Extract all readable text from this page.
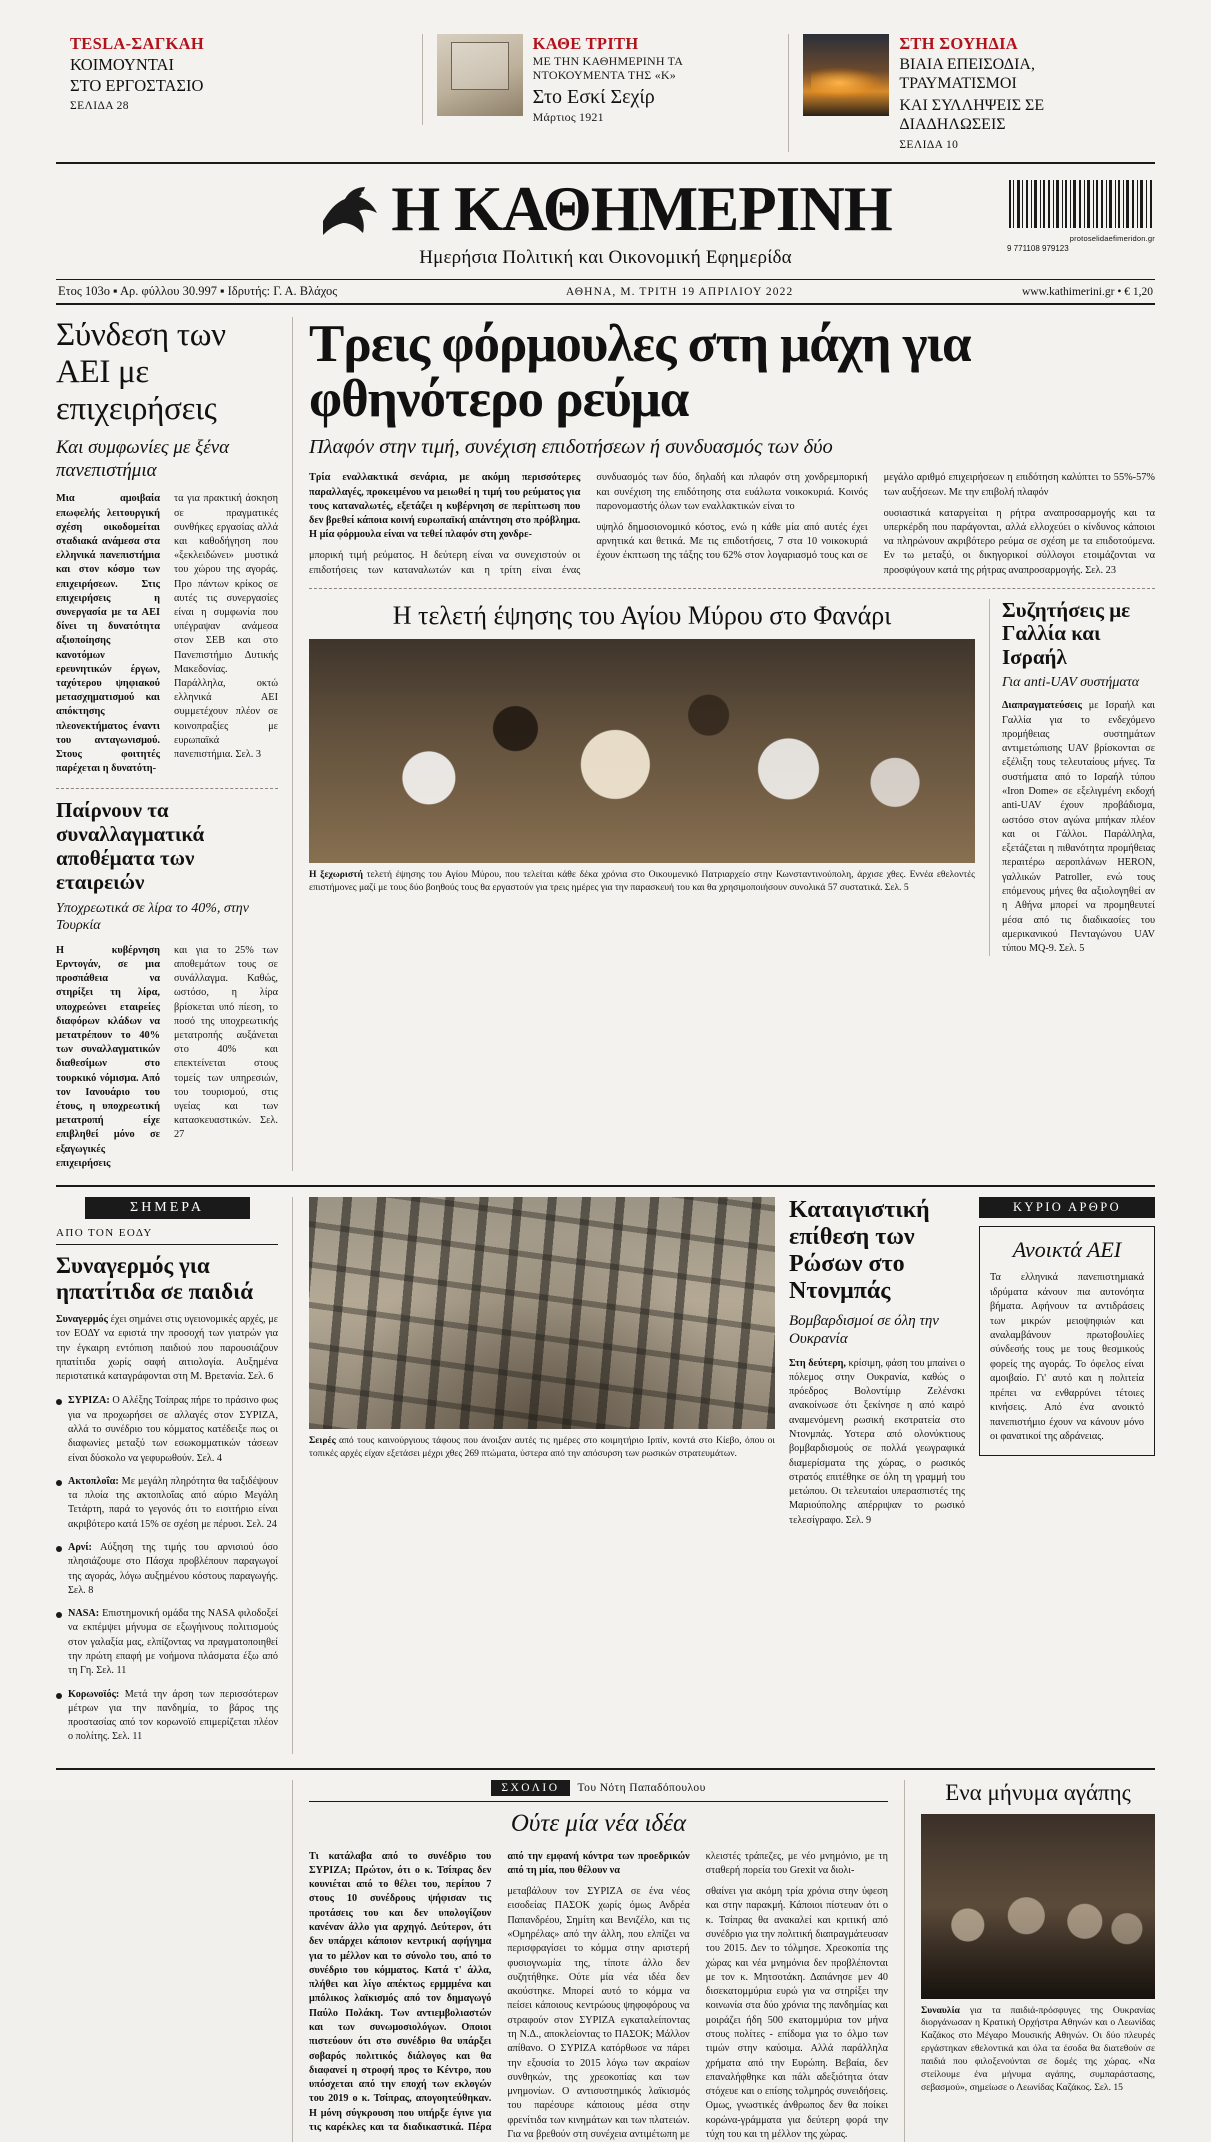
TESLA-ΣΑΓΚΑΗ
ΚΟΙΜΟΥΝΤΑΙ
ΣΤΟ ΕΡΓΟΣΤΑΣΙΟ
ΣΕΛΙΔΑ 28
ΚΑΘΕ ΤΡΙΤΗ
ΜΕ ΤΗΝ ΚΑΘΗΜΕΡΙΝΗ ΤΑ ΝΤΟΚΟΥΜΕΝΤΑ ΤΗΣ «Κ»
Στο Εσκί Σεχίρ
Μάρτιος 1921
ΣΤΗ ΣΟΥΗΔΙΑ
ΒΙΑΙΑ ΕΠΕΙΣΟΔΙΑ, ΤΡΑΥΜΑΤΙΣΜΟΙ
ΚΑΙ ΣΥΛΛΗΨΕΙΣ ΣΕ ΔΙΑΔΗΛΩΣΕΙΣ
ΣΕΛΙΔΑ 10
Η ΚΑΘΗΜΕΡΙΝΗ	protoselidaefimeridon.gr
9 771108 979123
Ημερήσια Πολιτική και Οικονομική Εφημερίδα
Ετος 103ο ▪ Αρ. φύλλου 30.997 ▪ Ιδρυτής: Γ. Α. Βλάχος	ΑΘΗΝΑ, Μ. ΤΡΙΤΗ 19 ΑΠΡΙΛΙΟΥ 2022	www.kathimerini.gr • € 1,20
Σύνδεση των ΑΕΙ με επιχειρήσεις
Και συμφωνίες με ξένα πανεπιστήμια

Μια αμοιβαία επωφελής λειτουργική σχέση οικοδομείται σταδιακά ανάμεσα στα ελληνικά πανεπιστήμια και στον κόσμο των επιχειρήσεων. Στις επιχειρήσεις η συνεργασία με τα ΑΕΙ δίνει τη δυνατότητα αξιοποίησης κανοτόμων ερευνητικών έργων, ταχύτερου ψηφιακού μετασχηματισμού και απόκτησης πλεονεκτήματος έναντι του ανταγωνισμού. Στους φοιτητές παρέχεται η δυνατότη-

τα για πρακτική άσκηση σε πραγματικές συνθήκες εργασίας αλλά και καθοδήγηση που «ξεκλειδώνει» μυστικά του χώρου της αγοράς. Προ πάντων κρίκος σε αυτές τις συνεργασίες είναι η συμφωνία που υπέγραψαν ανάμεσα στον ΣΕΒ και στο Πανεπιστήμιο Δυτικής Μακεδονίας. Παράλληλα, οκτώ ελληνικά ΑΕΙ συμμετέχουν πλέον σε κοινοπραξίες με ευρωπαϊκά πανεπιστήμια. Σελ. 3

Παίρνουν τα συναλλαγματικά αποθέματα των εταιρειών
Υποχρεωτικά σε λίρα το 40%, στην Τουρκία

Η κυβέρνηση Ερντογάν, σε μια προσπάθεια να στηρίξει τη λίρα, υποχρεώνει εταιρείες διαφόρων κλάδων να μετατρέπουν το 40% των συναλλαγματικών διαθεσίμων στο τουρκικό νόμισμα. Από τον Ιανουάριο του έτους, η υποχρεωτική μετατροπή είχε επιβληθεί μόνο σε εξαγωγικές επιχειρήσεις

και για το 25% των αποθεμάτων τους σε συνάλλαγμα. Καθώς, ωστόσο, η λίρα βρίσκεται υπό πίεση, το ποσό της υποχρεωτικής μετατροπής αυξάνεται στο 40% και επεκτείνεται στους τομείς των υπηρεσιών, του τουρισμού, στις υγείας και των κατασκευαστικών. Σελ. 27

Τρεις φόρμουλες στη μάχη για φθηνότερο ρεύμα
Πλαφόν στην τιμή, συνέχιση επιδοτήσεων ή συνδυασμός των δύο

Τρία εναλλακτικά σενάρια, με ακόμη περισσότερες παραλλαγές, προκειμένου να μειωθεί η τιμή του ρεύματος για τους καταναλωτές, εξετάζει η κυβέρνηση σε περίπτωση που δεν βρεθεί κάποια κοινή ευρωπαϊκή απάντηση στο πρόβλημα. Η μία φόρμουλα είναι να τεθεί πλαφόν στη χονδρε-

μπορική τιμή ρεύματος. Η δεύτερη είναι να συνεχιστούν οι επιδοτήσεις των καταναλωτών και η τρίτη είναι ένας συνδυασμός των δύο, δηλαδή και πλαφόν στη χονδρεμπορική και συνέχιση της επιδότησης στα ευάλωτα νοικοκυριά. Κοινός παρονομαστής όλων των εναλλακτικών είναι το

υψηλό δημοσιονομικό κόστος, ενώ η κάθε μία από αυτές έχει αρνητικά και θετικά. Με τις επιδοτήσεις, 7 στα 10 νοικοκυριά έχουν έκπτωση της τάξης του 62% στον λογαριασμό τους και σε μεγάλο αριθμό επιχειρήσεων η επιδότηση καλύπτει το 55%-57% των αυξήσεων. Με την επιβολή πλαφόν

ουσιαστικά καταργείται η ρήτρα αναπροσαρμογής και τα υπερκέρδη που παράγονται, αλλά ελλοχεύει ο κίνδυνος κάποιοι να πληρώνουν ακριβότερο ρεύμα σε σχέση με τα επιδοτούμενα. Εν τω μεταξύ, οι δικηγορικοί σύλλογοι ετοιμάζονται να προσφύγουν κατά της ρήτρας αναπροσαρμογής. Σελ. 23

Η τελετή έψησης του Αγίου Μύρου στο Φανάρι
Η ξεχωριστή τελετή έψησης του Αγίου Μύρου, που τελείται κάθε δέκα χρόνια στο Οικουμενικό Πατριαρχείο στην Κωνσταντινούπολη, άρχισε χθες. Εννέα εθελοντές επιστήμονες μαζί με τους δύο βοηθούς τους θα εργαστούν για τρεις ημέρες για την παρασκευή του και θα χρησιμοποιήσουν συνολικά 57 συστατικά. Σελ. 5
Συζητήσεις με Γαλλία και Ισραήλ
Για anti-UAV συστήματα
Διαπραγματεύσεις με Ισραήλ και Γαλλία για το ενδεχόμενο προμήθειας συστημάτων αντιμετώπισης UAV βρίσκονται σε εξέλιξη τους τελευταίους μήνες. Τα συστήματα από το Ισραήλ τύπου «Iron Dome» σε εξελιγμένη εκδοχή anti-UAV έχουν προβάδισμα, ωστόσο στον αγώνα μπήκαν πλέον και οι Γάλλοι. Παράλληλα, εξετάζεται η πιθανότητα προμήθειας περαιτέρω αεροπλάνων HERON, γαλλικών Patroller, ενώ τους επόμενους μήνες θα αξιολογηθεί αν η Αθήνα μπορεί να προμηθευτεί μέσα από τις διαδικασίες του αμερικανικού Πενταγώνου UAV τύπου MQ-9. Σελ. 5
ΣΗΜΕΡΑ
ΑΠΟ ΤΟΝ ΕΟΔΥ
Συναγερμός για ηπατίτιδα σε παιδιά
Συναγερμός έχει σημάνει στις υγειονομικές αρχές, με τον ΕΟΔΥ να εφιστά την προσοχή των γιατρών για την έγκαιρη εντόπιση παιδιού που παρουσιάζουν ηπατίτιδα χωρίς σαφή αιτιολογία. Αυξημένα περιστατικά καταγράφονται στη Μ. Βρετανία. Σελ. 6
ΣΥΡΙΖΑ: Ο Αλέξης Τσίπρας πήρε το πράσινο φως για να προχωρήσει σε αλλαγές στον ΣΥΡΙΖΑ, αλλά το συνέδριο του κόμματος κατέδειξε πως οι διαφωνίες μεταξύ των εσωκομματικών τάσεων είναι δύσκολο να γεφυρωθούν. Σελ. 4
Ακτοπλοΐα: Με μεγάλη πληρότητα θα ταξιδέψουν τα πλοία της ακτοπλοΐας από αύριο Μεγάλη Τετάρτη, παρά το γεγονός ότι το εισιτήριο είναι ακριβότερο κατά 15% σε σχέση με πέρυσι. Σελ. 24
Αρνί: Αύξηση της τιμής του αρνισιού όσο πλησιάζουμε στο Πάσχα προβλέπουν παραγωγοί της αγοράς, λόγω αυξημένου κόστους παραγωγής. Σελ. 8
NASA: Επιστημονική ομάδα της NASA φιλοδοξεί να εκπέμψει μήνυμα σε εξωγήινους πολιτισμούς στον γαλαξία μας, ελπίζοντας να πραγματοποιηθεί την πρώτη επαφή με νοήμονα πλάσματα έξω από τη Γη. Σελ. 11
Κορωνοϊός: Μετά την άρση των περισσότερων μέτρων για την πανδημία, το βάρος της προστασίας από τον κορωνοϊό επιμερίζεται πλέον ο πολίτης. Σελ. 11
Σειρές από τους καινούργιους τάφους που άνοιξαν αυτές τις ημέρες στο κοιμητήριο Ιρπίν, κοντά στο Κίεβο, όπου οι τοπικές αρχές είχαν εξετάσει μέχρι χθες 269 πτώματα, ύστερα από την απόσυρση των ρωσικών στρατευμάτων.
Καταιγιστική επίθεση των Ρώσων στο Ντονμπάς
Βομβαρδισμοί σε όλη την Ουκρανία
Στη δεύτερη, κρίσιμη, φάση του μπαίνει ο πόλεμος στην Ουκρανία, καθώς ο πρόεδρος Βολοντίμιρ Ζελένσκι ανακοίνωσε ότι ξεκίνησε η από καιρό αναμενόμενη ρωσική εκστρατεία στο Ντονμπάς. Υστερα από ολονύκτιους βομβαρδισμούς σε πολλά γεωγραφικά διαμερίσματα της χώρας, ο ρωσικός στρατός επιτέθηκε σε όλη τη γραμμή του μετώπου. Οι τελευταίοι υπερασπιστές της Μαριούπολης απέρριψαν το ρωσικό τελεσίγραφο. Σελ. 9
ΚΥΡΙΟ ΑΡΘΡΟ
Ανοικτά ΑΕΙ
Τα ελληνικά πανεπιστημιακά ιδρύματα κάνουν πια αυτονόητα βήματα. Αφήνουν τα αντιδράσεις των μικρών μειοψηφιών και αναλαμβάνουν πρωτοβουλίες σύνδεσής τους με τους θεσμικούς φορείς της αγοράς. Το όφελος είναι αμοιβαίο. Γι' αυτό και η πολιτεία πρέπει να ενθαρρύνει τέτοιες κινήσεις. Από ένα ανοικτό πανεπιστήμιο έχουν να κάνουν μόνο οι φανατικοί της αδράνειας.
ΣΧΟΛΙΟ	Του Νότη Παπαδόπουλου
Ούτε μία νέα ιδέα

Τι κατάλαβα από το συνέδριο του ΣΥΡΙΖΑ; Πρώτον, ότι ο κ. Τσίπρας δεν κουνιέται από το θέλει του, περίπου 7 στους 10 συνέδρους ψήφισαν τις προτάσεις του και δεν υπολογίζουν κανέναν άλλο για αρχηγό. Δεύτερον, ότι δεν υπάρχει κάποιον κεντρική αφήγημα για το μέλλον και το σύνολο του, από το συνέδριο του κόμματος. Κατά τ' άλλα, πλήθει και λίγο απέκτως ερμμμένα και μπόλικος λαϊκισμός από τον δημαγωγό Παύλο Πολάκη. Των αντιεμβολιαστών και των συνωμοσιολόγων. Οποιοι πιστεύουν ότι στο συνέδριο θα υπάρξει σοβαρός πολιτικός διάλογος και θα διαφανεί η στροφή προς το Κέντρο, που υπόσχεται από την εποχή των εκλογών του 2019 ο κ. Τσίπρας, απογοητεύθηκαν. Η μόνη σύγκρουση που υπήρξε έγινε για τις καρέκλες και τα διαδικαστικά. Πέρα από την εμφανή κόντρα των προεδρικών από τη μία, που θέλουν να

μεταβάλουν τον ΣΥΡΙΖΑ σε ένα νέος εισοδείας ΠΑΣΟΚ χωρίς όμως Ανδρέα Παπανδρέου, Σημίτη και Βενιζέλο, και τις «Ομηρέλας» από την άλλη, που ελπίζει να περισφραγίσει το κόμμα στην αριστερή φυσιογνωμία της, τίποτε άλλο δεν συζητήθηκε. Ούτε μία νέα ιδέα δεν ακούστηκε. Μπορεί αυτό το κόμμα να πείσει κάποιους κεντρώους ψηφοφόρους να στραφούν στον ΣΥΡΙΖΑ εγκαταλείποντας τη Ν.Δ., αποκλείοντας το ΠΑΣΟΚ; Μάλλον απίθανο. Ο ΣΥΡΙΖΑ κατόρθωσε να πάρει την εξουσία το 2015 λόγω των ακραίων συνθηκών, της χρεοκοπίας και των μνημονίων. Ο αντισυστημικός λαϊκισμός του παρέσυρε κάποιους μέσα στην φρενίτιδα των κινημάτων και των πλατειών. Για να βρεθούν στη συνέχεια αντιμέτωπη με κλειστές τράπεζες, με νέο μνημόνιο, με τη σταθερή πορεία του Grexit να διολι-

σθαίνει για ακόμη τρία χρόνια στην ύφεση και στην παρακμή. Κάποιοι πίστευαν ότι ο κ. Τσίπρας θα ανακαλεί και κριτική από συνέδριο για την πολιτική διαπραγμάτευσαν του 2015. Δεν το τόλμησε. Χρεοκοπία της χώρας και νέα μνημόνια δεν προβλέπονται με τον κ. Μητσοτάκη. Δαπάνησε μεν 40 δισεκατομμύρια ευρώ για να στηρίξει την κοινωνία στα δύο χρόνια της πανδημίας και μοιράζει ήδη 500 εκατομμύρια τον μήνα στους πολίτες - επίδομα για το όλμο των τιμών στην καύσιμα. Αλλά παράλληλα χρήματα από την Ευρώπη. Βεβαία, δεν επαναλήφθηκε και πάλι αδεξιότητα όταν στόχευε και ο επίσης τολμηρός συνειδήσεις. Ομως, γνωστικές άνθρωπος δεν θα ποίκει κορώνα-γράμματα για δεύτερη φορά την τύχη του και τη μέλλον της χώρας.

Ενα μήνυμα αγάπης
Συναυλία για τα παιδιά-πρόσφυγες της Ουκρανίας διοργάνωσαν η Κρατική Ορχήστρα Αθηνών και ο Λεωνίδας Καζάκος στο Μέγαρο Μουσικής Αθηνών. Οι δύο πλευρές εργάστηκαν εθελοντικά και όλα τα έσοδα θα διατεθούν σε παιδιά που φιλοξενούνται σε δομές της χώρας. «Να στείλουμε ένα μήνυμα αγάπης, συμπαράστασης, σεβασμού», σημείωσε ο Λεωνίδας Καζάκος. Σελ. 15
